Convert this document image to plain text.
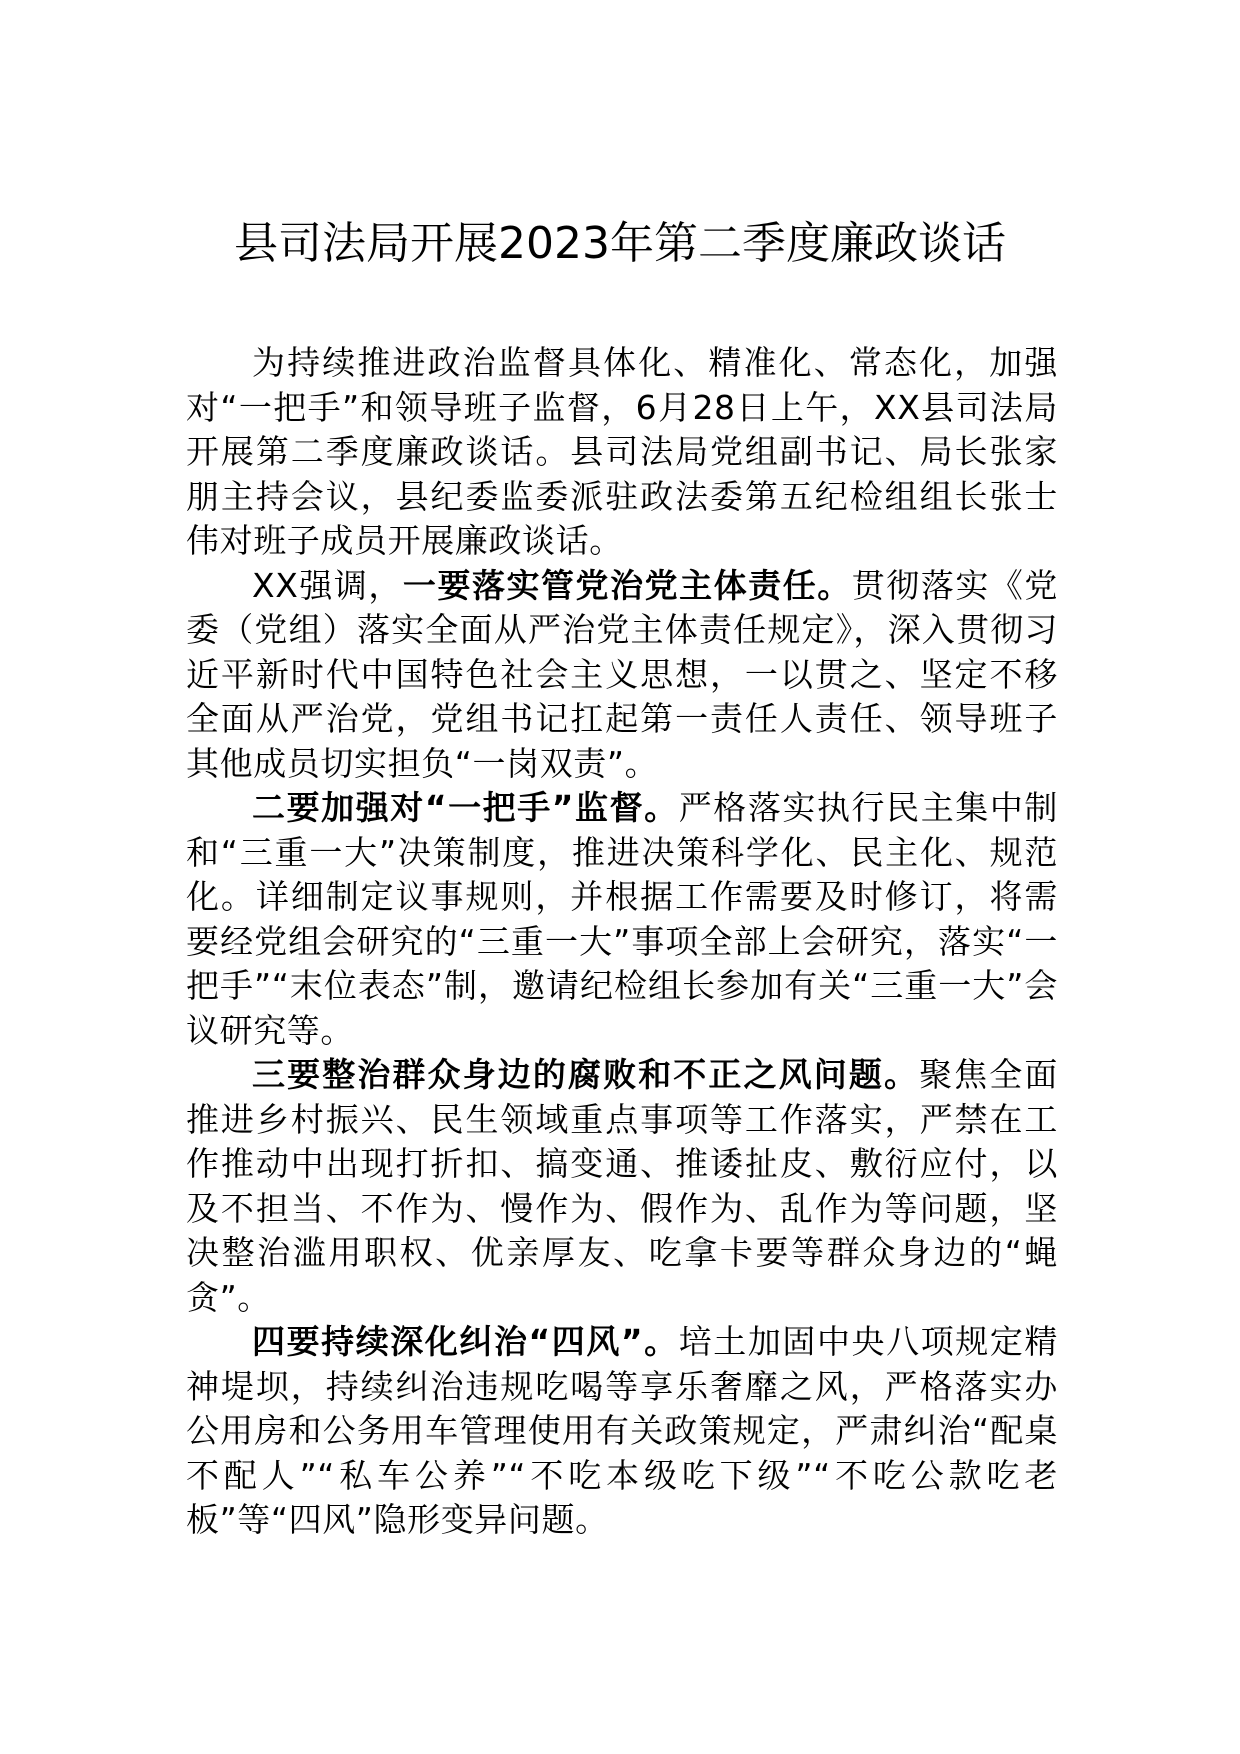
县司法局开展2023年第二季度廉政谈话

为持续推进政治监督具体化、精准化、常态化，加强对“一把手”和领导班子监督，6月28日上午，XX县司法局开展第二季度廉政谈话。县司法局党组副书记、局长张家朋主持会议，县纪委监委派驻政法委第五纪检组组长张士伟对班子成员开展廉政谈话。

XX强调，一要落实管党治党主体责任。贯彻落实《党委（党组）落实全面从严治党主体责任规定》，深入贯彻习近平新时代中国特色社会主义思想，一以贯之、坚定不移全面从严治党，党组书记扛起第一责任人责任、领导班子其他成员切实担负“一岗双责”。

二要加强对“一把手”监督。严格落实执行民主集中制和“三重一大”决策制度，推进决策科学化、民主化、规范化。详细制定议事规则，并根据工作需要及时修订，将需要经党组会研究的“三重一大”事项全部上会研究，落实“一把手”“末位表态”制，邀请纪检组长参加有关“三重一大”会议研究等。

三要整治群众身边的腐败和不正之风问题。聚焦全面推进乡村振兴、民生领域重点事项等工作落实，严禁在工作推动中出现打折扣、搞变通、推诿扯皮、敷衍应付，以及不担当、不作为、慢作为、假作为、乱作为等问题，坚决整治滥用职权、优亲厚友、吃拿卡要等群众身边的“蝇贪”。

四要持续深化纠治“四风”。培土加固中央八项规定精神堤坝，持续纠治违规吃喝等享乐奢靡之风，严格落实办公用房和公务用车管理使用有关政策规定，严肃纠治“配桌不配人”“私车公养”“不吃本级吃下级”“不吃公款吃老板”等“四风”隐形变异问题。
